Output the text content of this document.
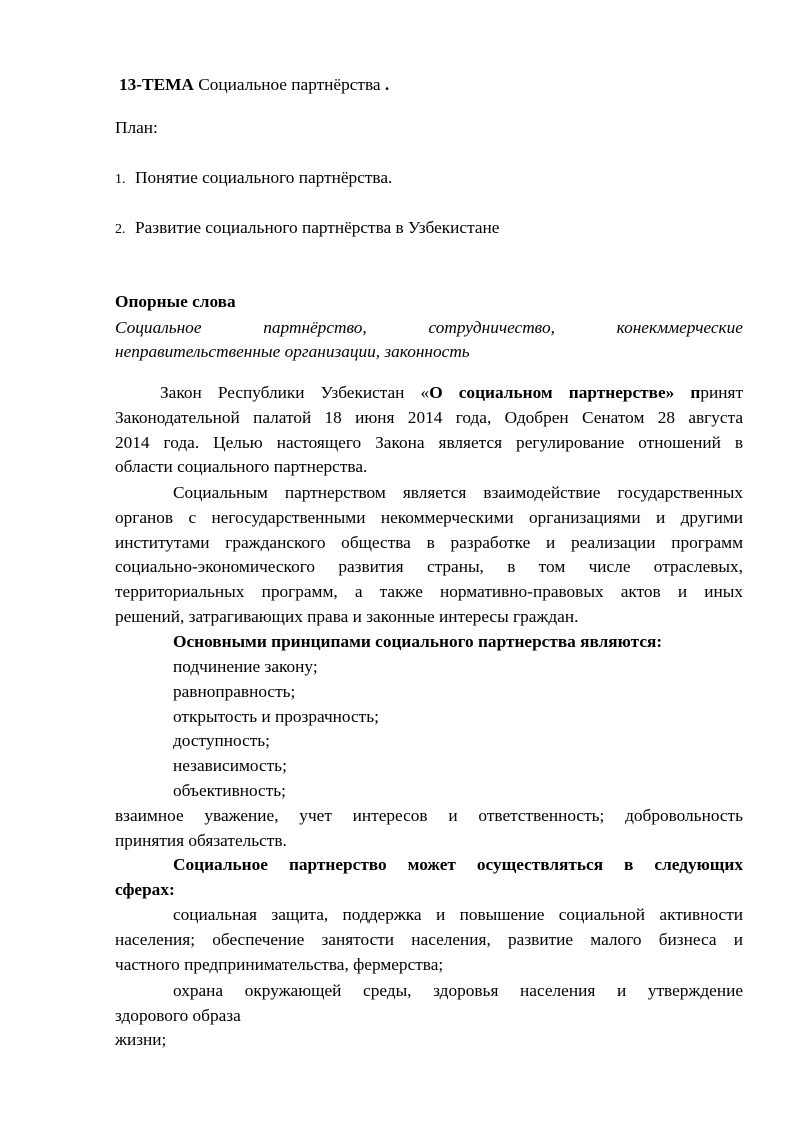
13-ТЕМА Социальное партнёрства .
План:
1. Понятие социального партнёрства.
2. Развитие социального партнёрства в Узбекистане
Опорные слова
Социальное	партнёрство,	сотрудничество,	конекммерческие
неправительственные организации, законность
Закон Республики Узбекистан «О социальном партнерстве» принят
Законодательной палатой 18 июня 2014 года, Одобрен Сенатом 28 августа
2014 года. Целью настоящего Закона является регулирование отношений в
области социального партнерства.
Социальным партнерством является взаимодействие государственных
органов с негосударственными некоммерческими организациями и другими
институтами гражданского общества в разработке и реализации программ
социально-экономического развития страны, в том числе отраслевых,
территориальных программ, а также нормативно-правовых актов и иных
решений, затрагивающих права и законные интересы граждан.
Основными принципами социального партнерства являются:
подчинение закону;
равноправность;
открытость и прозрачность;
доступность;
независимость;
объективность;
взаимное уважение, учет интересов и ответственность; добровольность
принятия обязательств.
Социальное партнерство может осуществляться в следующих
сферах:
социальная защита, поддержка и повышение социальной активности
населения; обеспечение занятости населения, развитие малого бизнеса и
частного предпринимательства, фермерства;
охрана окружающей среды, здоровья населения и утверждение
здорового образа
жизни;
